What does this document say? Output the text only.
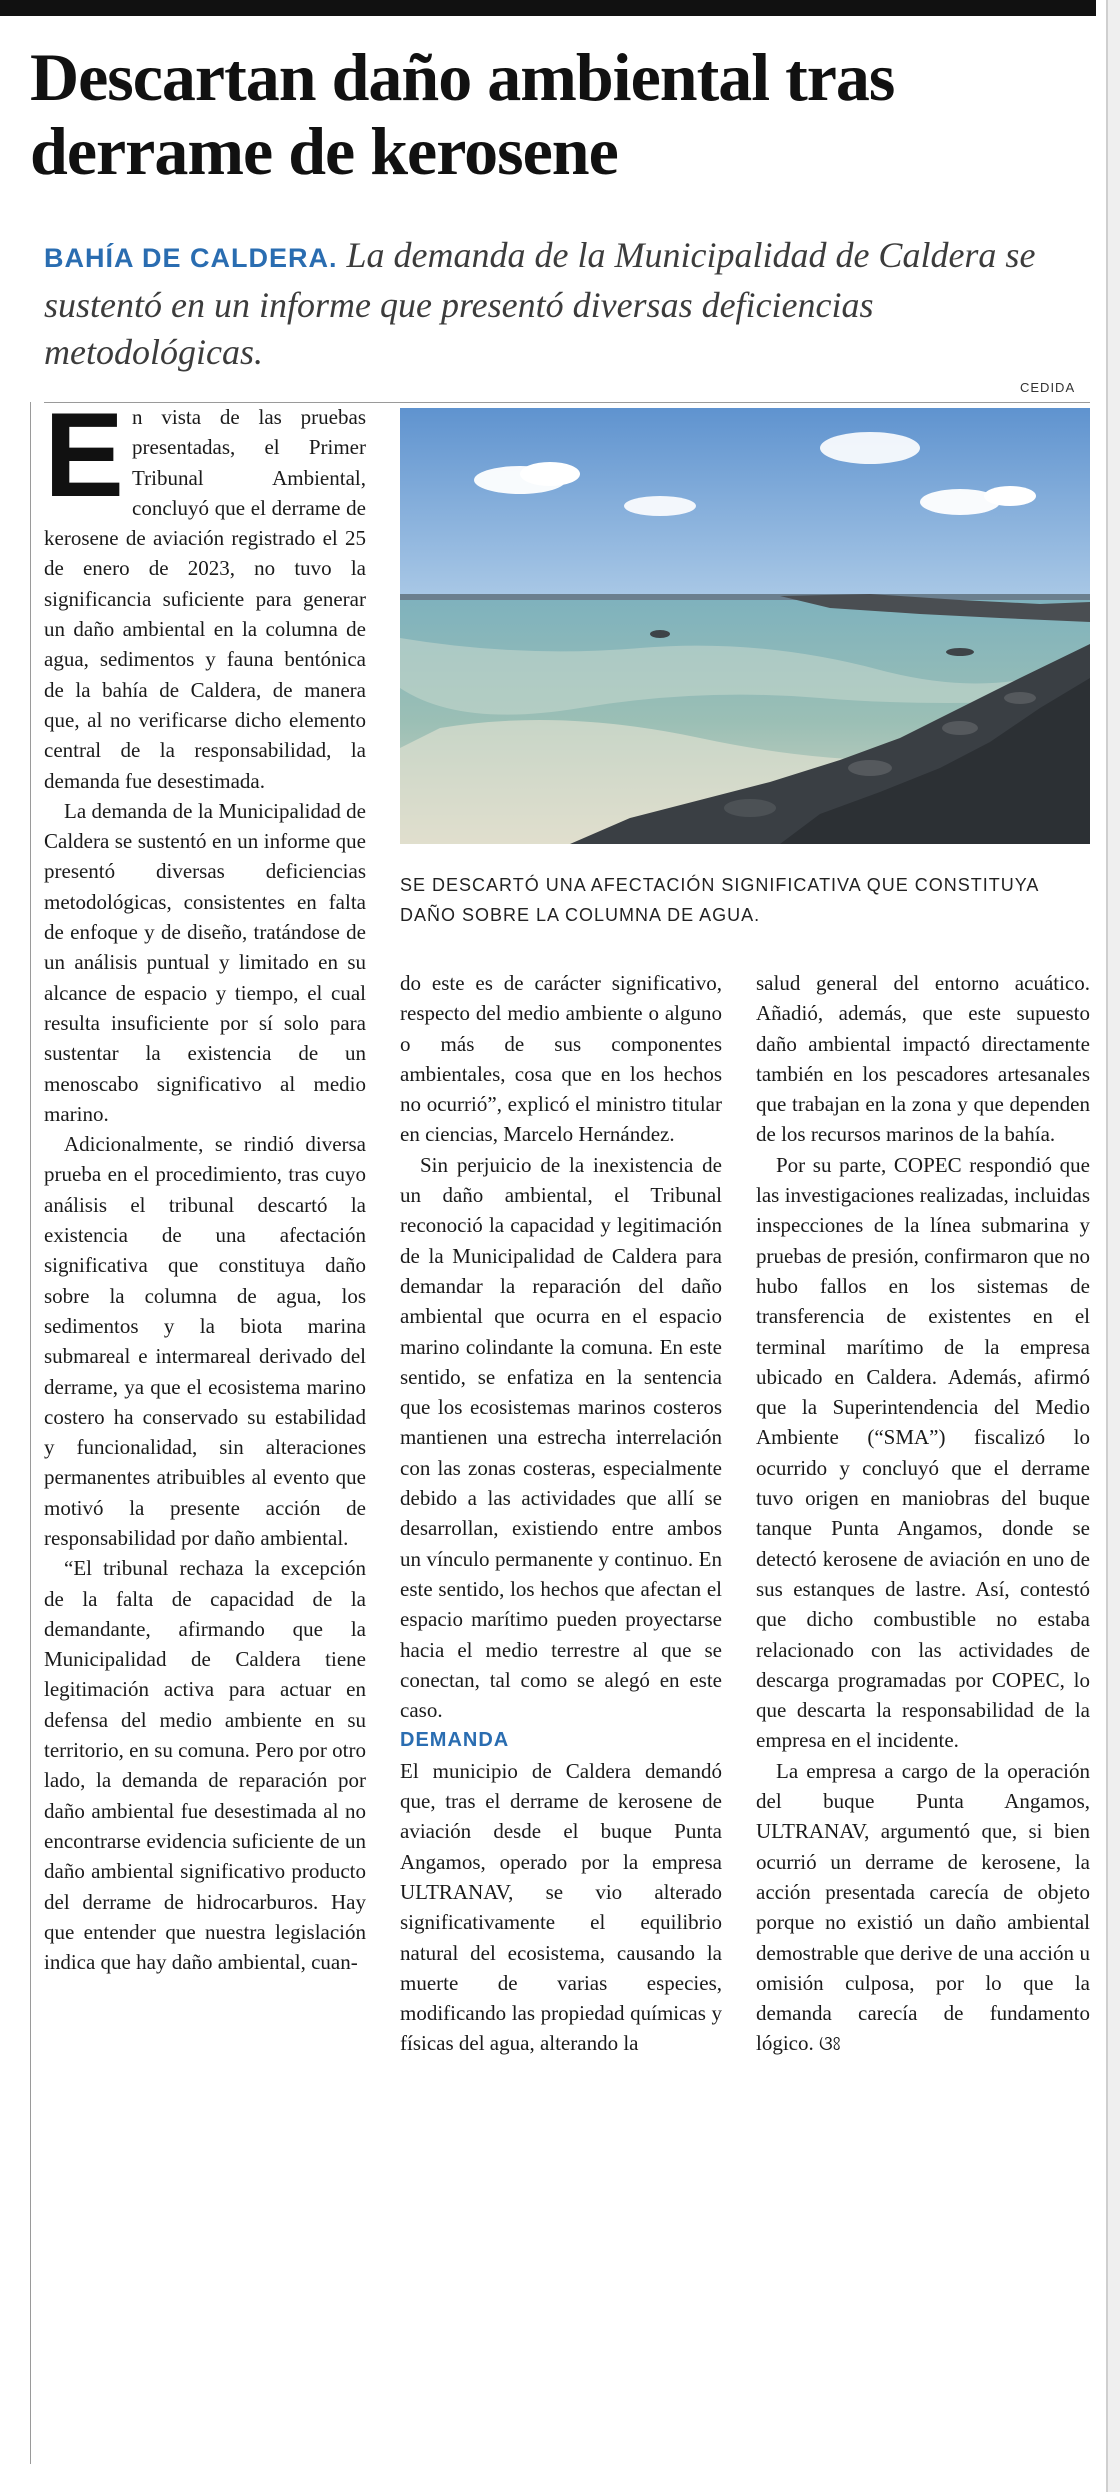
Descartan daño ambiental tras derrame de kerosene
BAHÍA DE CALDERA. La demanda de la Municipalidad de Caldera se sustentó en un informe que presentó diversas deficiencias metodológicas.
CEDIDA
SE DESCARTÓ UNA AFECTACIÓN SIGNIFICATIVA QUE CONSTITUYA DAÑO SOBRE LA COLUMNA DE AGUA.

En vista de las pruebas presentadas, el Primer Tribunal Ambiental, concluyó que el derrame de kerosene de aviación registrado el 25 de enero de 2023, no tuvo la significancia suficiente para generar un daño ambiental en la columna de agua, sedimentos y fauna bentónica de la bahía de Caldera, de manera que, al no verificarse dicho elemento central de la responsabilidad, la demanda fue desestimada.

La demanda de la Municipalidad de Caldera se sustentó en un informe que presentó diversas deficiencias metodológicas, consistentes en falta de enfoque y de diseño, tratándose de un análisis puntual y limitado en su alcance de espacio y tiempo, el cual resulta insuficiente por sí solo para sustentar la existencia de un menoscabo significativo al medio marino.

Adicionalmente, se rindió diversa prueba en el procedimiento, tras cuyo análisis el tribunal descartó la existencia de una afectación significativa que constituya daño sobre la columna de agua, los sedimentos y la biota marina submareal e intermareal derivado del derrame, ya que el ecosistema marino costero ha conservado su estabilidad y funcionalidad, sin alteraciones permanentes atribuibles al evento que motivó la presente acción de responsabilidad por daño ambiental.

“El tribunal rechaza la excepción de la falta de capacidad de la demandante, afirmando que la Municipalidad de Caldera tiene legitimación activa para actuar en defensa del medio ambiente en su territorio, en su comuna. Pero por otro lado, la demanda de reparación por daño ambiental fue desestimada al no encontrarse evidencia suficiente de un daño ambiental significativo producto del derrame de hidrocarburos. Hay que entender que nuestra legislación indica que hay daño ambiental, cuan-

do este es de carácter significativo, respecto del medio ambiente o alguno o más de sus componentes ambientales, cosa que en los hechos no ocurrió”, explicó el ministro titular en ciencias, Marcelo Hernández.

Sin perjuicio de la inexistencia de un daño ambiental, el Tribunal reconoció la capacidad y legitimación de la Municipalidad de Caldera para demandar la reparación del daño ambiental que ocurra en el espacio marino colindante la comuna. En este sentido, se enfatiza en la sentencia que los ecosistemas marinos costeros mantienen una estrecha interrelación con las zonas costeras, especialmente debido a las actividades que allí se desarrollan, existiendo entre ambos un vínculo permanente y continuo. En este sentido, los hechos que afectan el espacio marítimo pueden proyectarse hacia el medio terrestre al que se conectan, tal como se alegó en este caso.

DEMANDA

El municipio de Caldera demandó que, tras el derrame de kerosene de aviación desde el buque Punta Angamos, operado por la empresa ULTRANAV, se vio alterado significativamente el equilibrio natural del ecosistema, causando la muerte de varias especies, modificando las propiedad químicas y físicas del agua, alterando la

salud general del entorno acuático. Añadió, además, que este supuesto daño ambiental impactó directamente también en los pescadores artesanales que trabajan en la zona y que dependen de los recursos marinos de la bahía.

Por su parte, COPEC respondió que las investigaciones realizadas, incluidas inspecciones de la línea submarina y pruebas de presión, confirmaron que no hubo fallos en los sistemas de transferencia de existentes en el terminal marítimo de la empresa ubicado en Caldera. Además, afirmó que la Superintendencia del Medio Ambiente (“SMA”) fiscalizó lo ocurrido y concluyó que el derrame tuvo origen en maniobras del buque tanque Punta Angamos, donde se detectó kerosene de aviación en uno de sus estanques de lastre. Así, contestó que dicho combustible no estaba relacionado con las actividades de descarga programadas por COPEC, lo que descarta la responsabilidad de la empresa en el incidente.

La empresa a cargo de la operación del buque Punta Angamos, ULTRANAV, argumentó que, si bien ocurrió un derrame de kerosene, la acción presentada carecía de objeto porque no existió un daño ambiental demostrable que derive de una acción u omisión culposa, por lo que la demanda carecía de fundamento lógico. ଓଃ
